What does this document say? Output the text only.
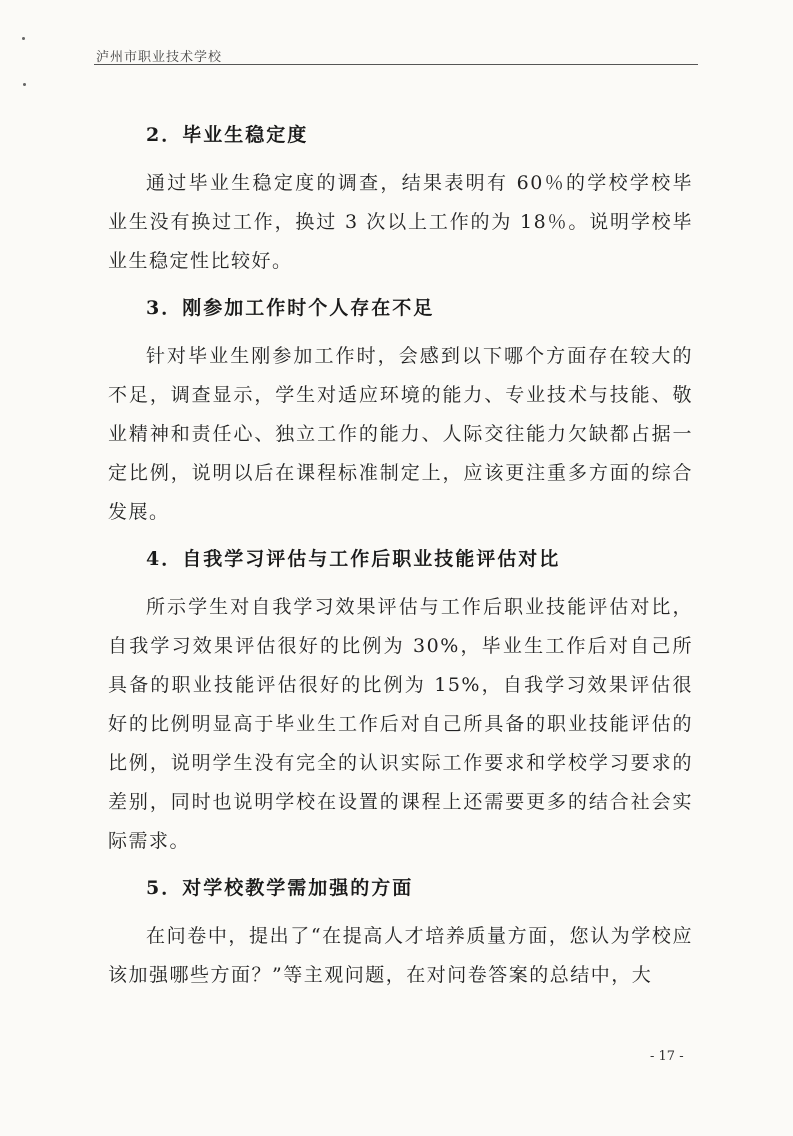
泸州市职业技术学校
2．毕业生稳定度

通过毕业生稳定度的调查，结果表明有 60％的学校学校毕业生没有换过工作，换过 3 次以上工作的为 18％。说明学校毕业生稳定性比较好。

3．刚参加工作时个人存在不足

针对毕业生刚参加工作时，会感到以下哪个方面存在较大的不足，调查显示，学生对适应环境的能力、专业技术与技能、敬业精神和责任心、独立工作的能力、人际交往能力欠缺都占据一定比例，说明以后在课程标准制定上，应该更注重多方面的综合发展。

4．自我学习评估与工作后职业技能评估对比

所示学生对自我学习效果评估与工作后职业技能评估对比，自我学习效果评估很好的比例为 30%，毕业生工作后对自己所具备的职业技能评估很好的比例为 15%，自我学习效果评估很好的比例明显高于毕业生工作后对自己所具备的职业技能评估的比例，说明学生没有完全的认识实际工作要求和学校学习要求的差别，同时也说明学校在设置的课程上还需要更多的结合社会实际需求。

5．对学校教学需加强的方面

在问卷中，提出了“在提高人才培养质量方面，您认为学校应该加强哪些方面？”等主观问题，在对问卷答案的总结中，大

- 17 -
